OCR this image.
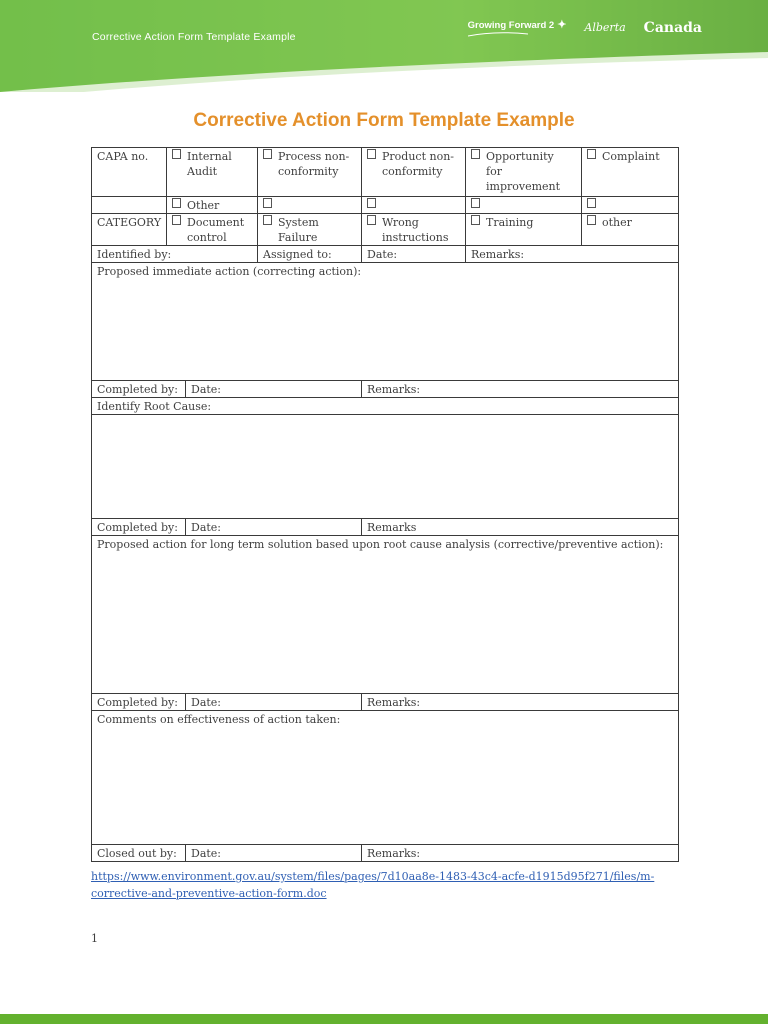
Corrective Action Form Template Example
Growing Forward 2 ✦ Alberta Canada
Corrective Action Form Template Example
CAPA no.	Internal Audit		Process non-conformity	Product non-conformity	Opportunity for improvement	Complaint

	Other					

CATEGORY	Document control		System Failure	Wrong instructions	Training	other

Identified by:			Assigned to:	Date:	Remarks:	
Proposed immediate action (correcting action):						
Completed by:		Date:		Remarks:		
Identify Root Cause:						

Completed by:		Date:		Remarks		
Proposed action for long term solution based upon root cause analysis (corrective/preventive action):						
Completed by:		Date:		Remarks:		
Comments on effectiveness of action taken:						
Closed out by:		Date:		Remarks:		
https://www.environment.gov.au/system/files/pages/7d10aa8e-1483-43c4-acfe-d1915d95f271/files/m-corrective-and-preventive-action-form.doc
1
